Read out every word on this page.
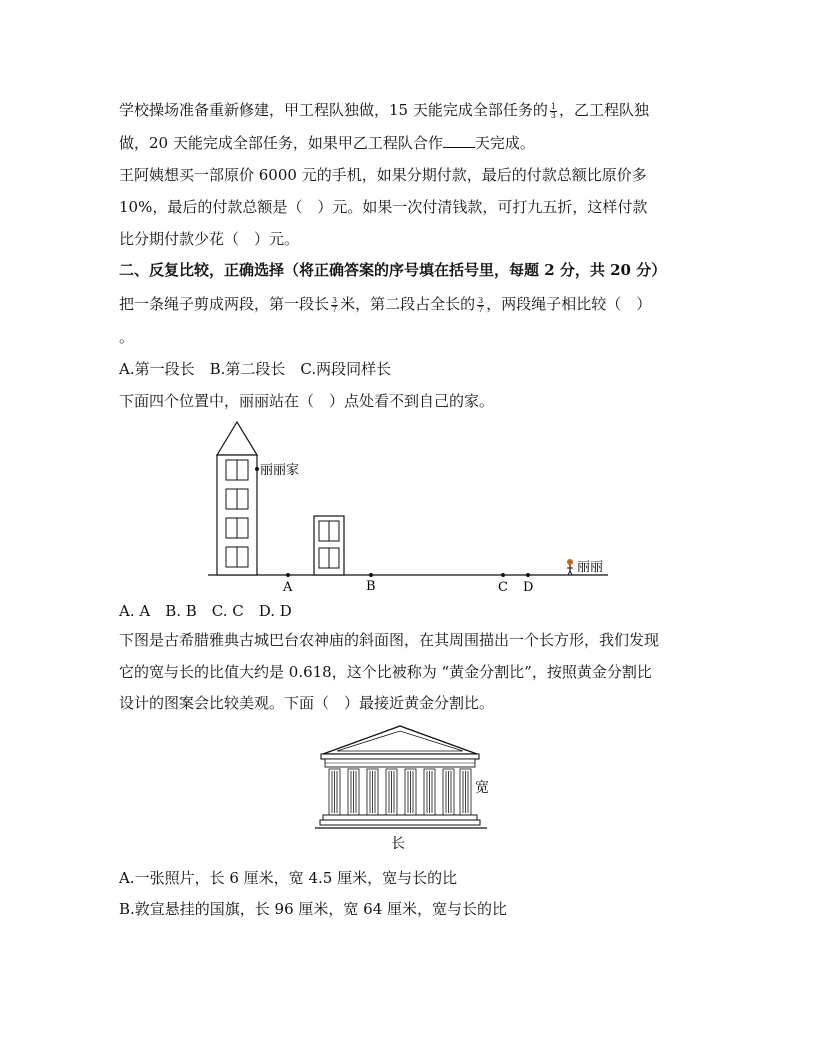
学校操场准备重新修建，甲工程队独做，15 天能完成全部任务的 $\frac{1}{3}$ ，乙工程队独
做，20 天能完成全部任务，如果甲乙工程队合作 天完成。
王阿姨想买一部原价 6000 元的手机，如果分期付款，最后的付款总额比原价多
10%，最后的付款总额是（　）元。如果一次付清钱款，可打九五折，这样付款
比分期付款少花（　）元。
二、反复比较，正确选择（将正确答案的序号填在括号里，每题 2 分，共 20 分）
把一条绳子剪成两段，第一段长 $\frac{3}{7}$ 米，第二段占全长的 $\frac{3}{7}$ ，两段绳子相比较（　）
。
A.第一段长　B.第二段长　C.两段同样长
下面四个位置中，丽丽站在（　）点处看不到自己的家。
丽丽家
A	B	C D
丽丽
A. A　B. B　C. C　D. D
下图是古希腊雅典古城巴台农神庙的斜面图，在其周围描出一个长方形，我们发现
它的宽与长的比值大约是 0.618，这个比被称为 “黄金分割比”，按照黄金分割比
设计的图案会比较美观。下面（　）最接近黄金分割比。
宽
长
A.一张照片，长 6 厘米，宽 4.5 厘米，宽与长的比
B.敦宣悬挂的国旗，长 96 厘米，宽 64 厘米，宽与长的比
